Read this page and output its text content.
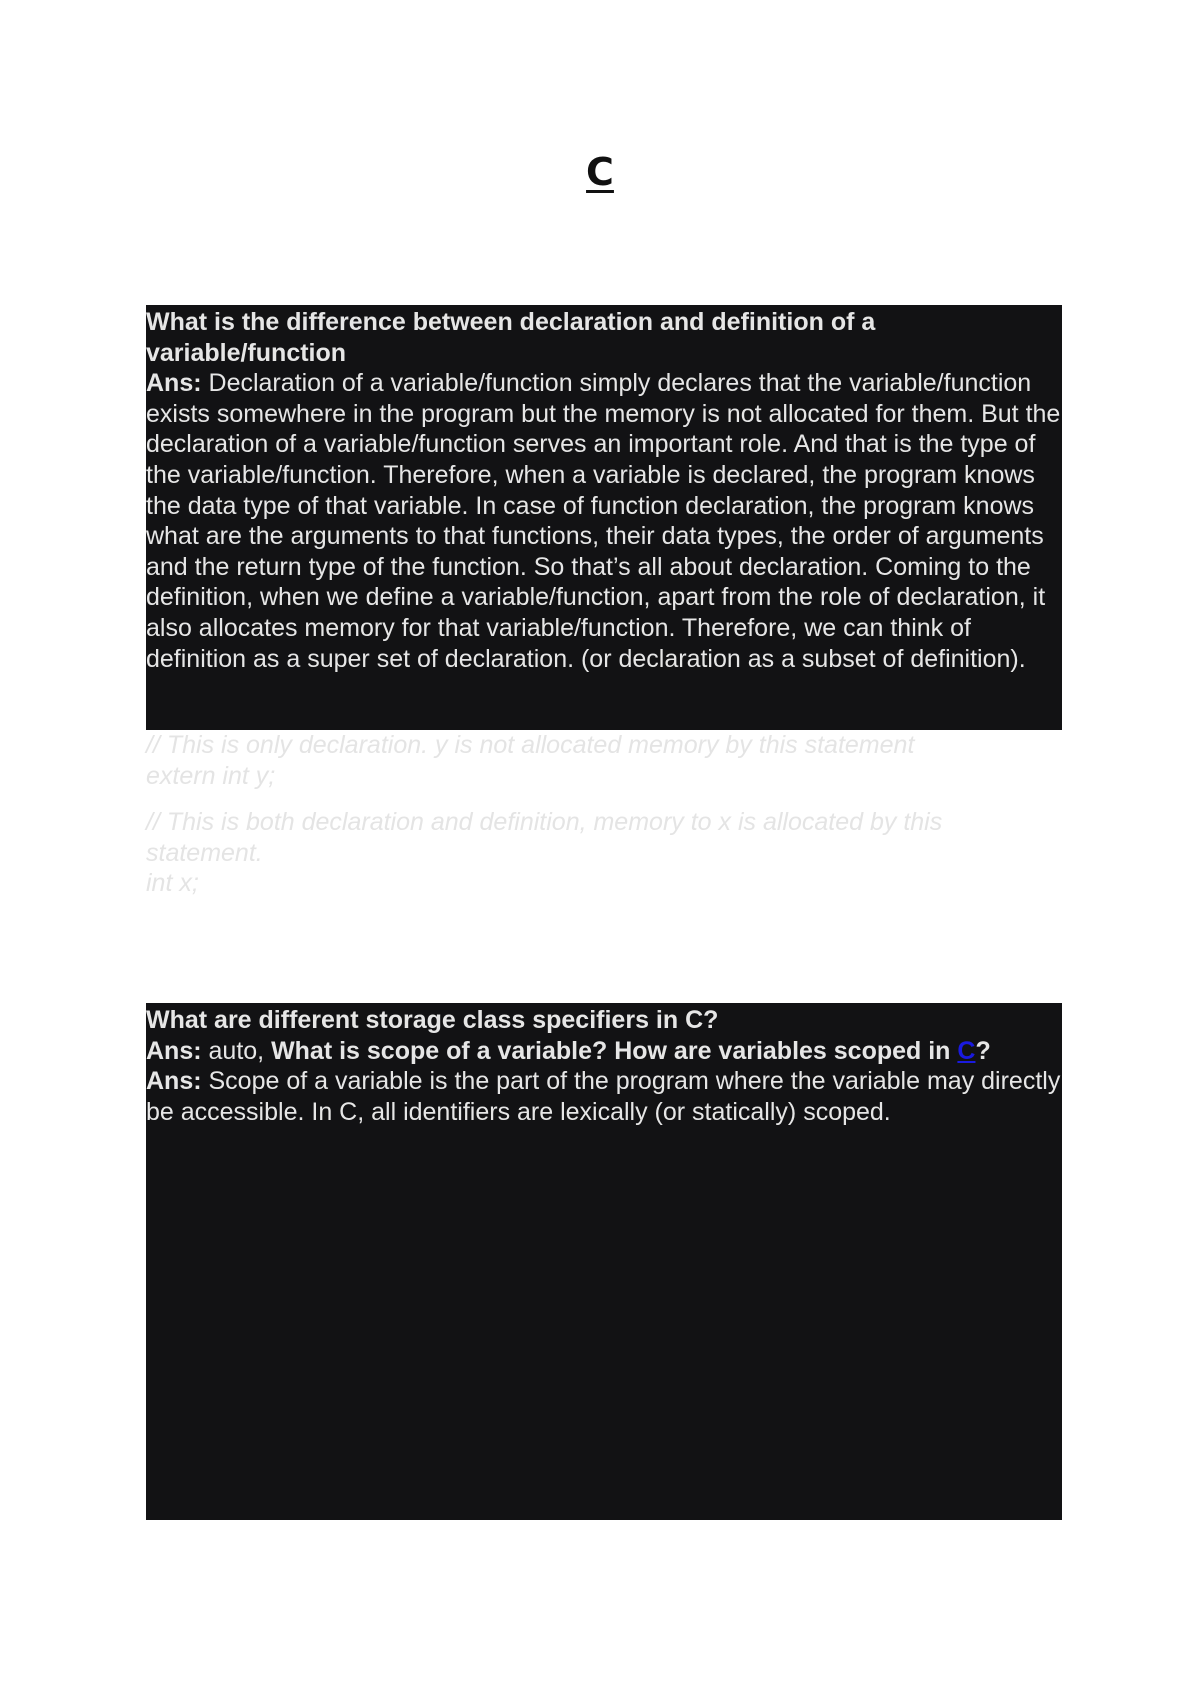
C

What is the difference between declaration and definition of a variable/function

Ans: Declaration of a variable/function simply declares that the variable/function exists somewhere in the program but the memory is not allocated for them. But the declaration of a variable/function serves an important role. And that is the type of the variable/function. Therefore, when a variable is declared, the program knows the data type of that variable. In case of function declaration, the program knows what are the arguments to that functions, their data types, the order of arguments and the return type of the function. So that’s all about declaration. Coming to the definition, when we define a variable/function, apart from the role of declaration, it also allocates memory for that variable/function. Therefore, we can think of definition as a super set of declaration. (or declaration as a subset of definition).

// This is only declaration. y is not allocated memory by this statement

extern int y;

// This is both declaration and definition, memory to x is allocated by this statement.

int x;

What are different storage class specifiers in C?

Ans: auto, What is scope of a variable? How are variables scoped in C?

Ans: Scope of a variable is the part of the program where the variable may directly be accessible. In C, all identifiers are lexically (or statically) scoped.
